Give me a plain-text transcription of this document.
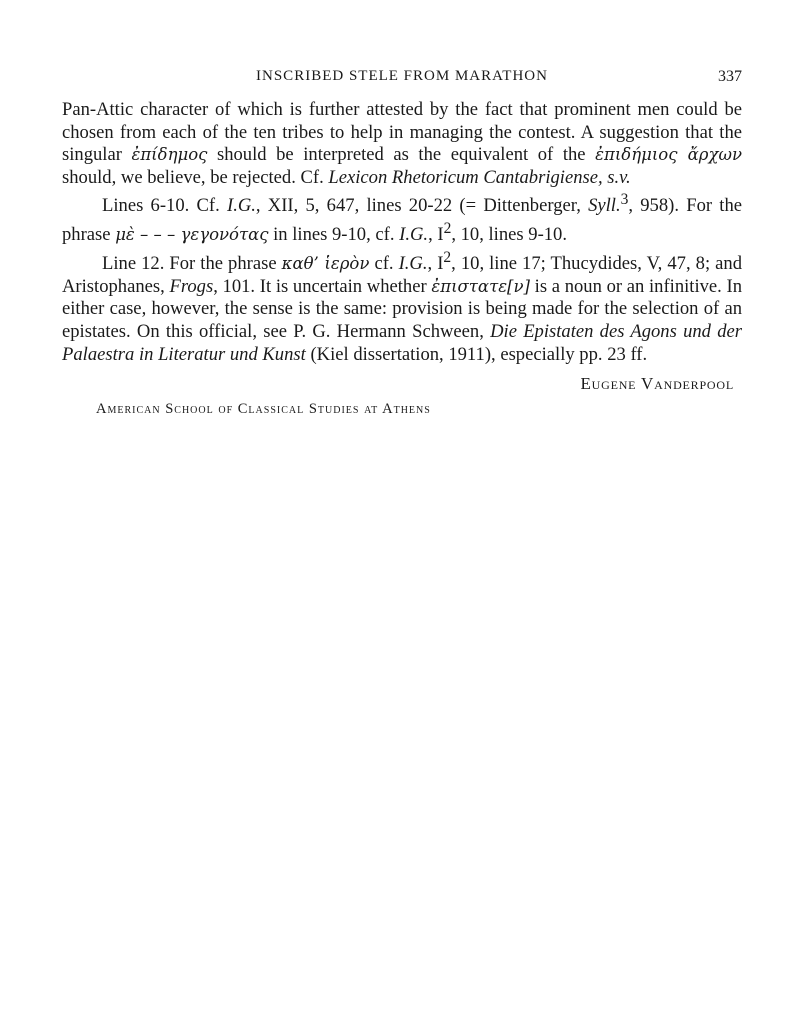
INSCRIBED STELE FROM MARATHON	337

Pan-Attic character of which is further attested by the fact that prominent men could be chosen from each of the ten tribes to help in managing the contest. A suggestion that the singular ἐπίδημος should be interpreted as the equivalent of the ἐπιδήμιος ἄρχων should, we believe, be rejected. Cf. Lexicon Rhetoricum Cantabrigiense, s.v.

Lines 6-10. Cf. I.G., XII, 5, 647, lines 20-22 (= Dittenberger, Syll.$^3$, 958). For the phrase μὲ – – – γεγονότας in lines 9-10, cf. I.G., $I^2$, 10, lines 9-10.

Line 12. For the phrase καθ’ ἱερὸν cf. I.G., $I^2$, 10, line 17; Thucydides, V, 47, 8; and Aristophanes, Frogs, 101. It is uncertain whether ἐπιστατε[ν] is a noun or an infinitive. In either case, however, the sense is the same: provision is being made for the selection of an epistates. On this official, see P. G. Hermann Schween, Die Epistaten des Agons und der Palaestra in Literatur und Kunst (Kiel dissertation, 1911), especially pp. 23 ff.

Eugene Vanderpool
American School of Classical Studies at Athens
